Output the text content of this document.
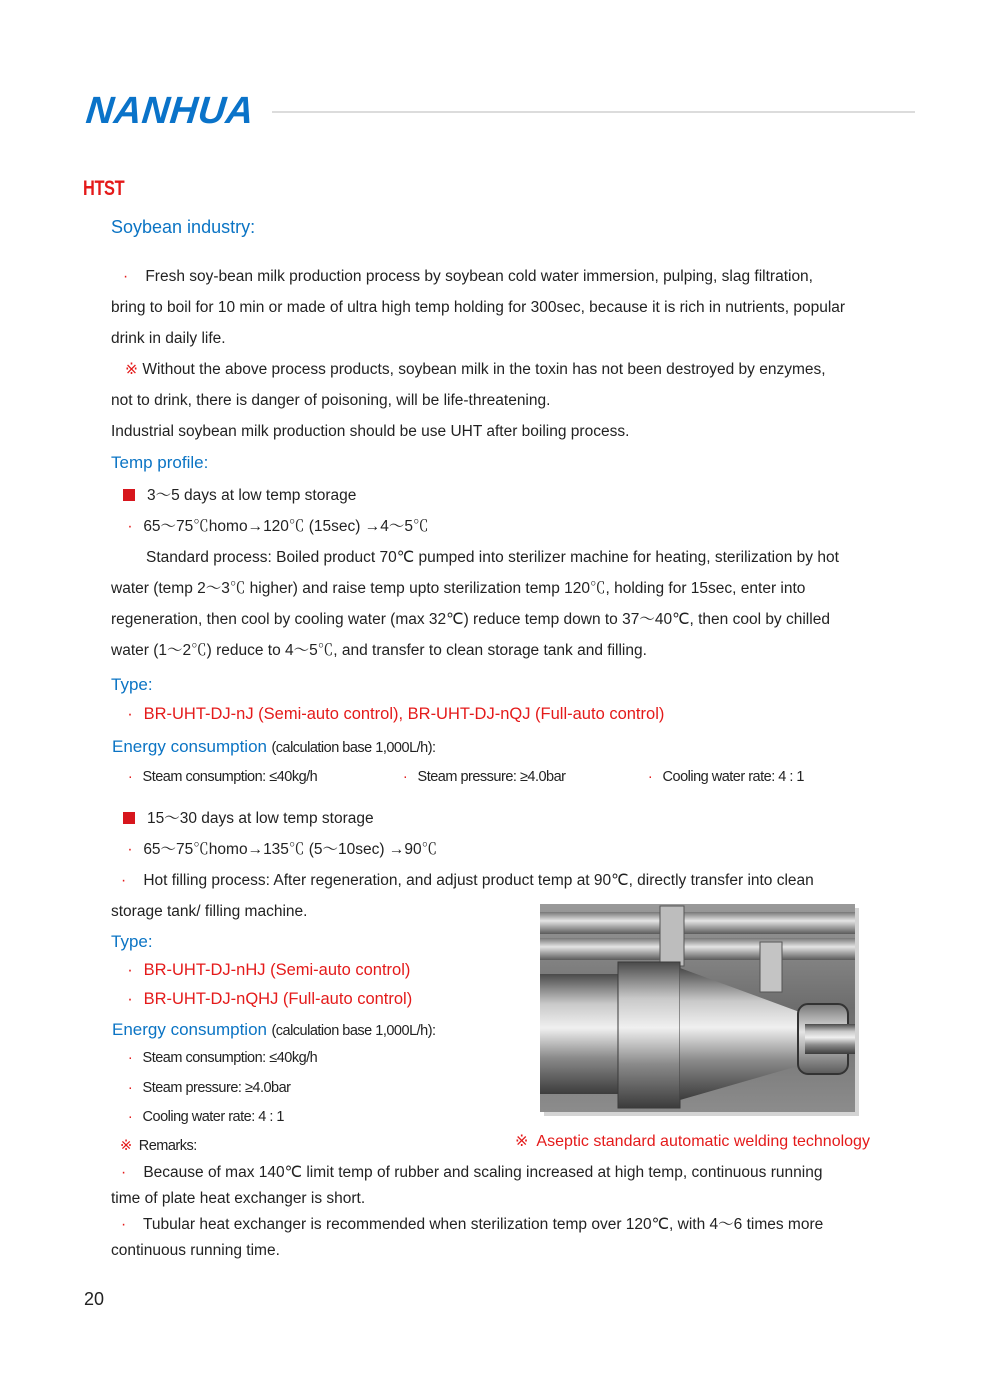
NANHUA
HTST
Soybean industry:
· Fresh soy-bean milk production process by soybean cold water immersion, pulping, slag filtration,
bring to boil for 10 min or made of ultra high temp holding for 300sec, because it is rich in nutrients, popular
drink in daily life.
※ Without the above process products, soybean milk in the toxin has not been destroyed by enzymes,
not to drink, there is danger of poisoning, will be life-threatening.
Industrial soybean milk production should be use UHT after boiling process.
Temp profile:
3～5 days at low temp storage
· 65～75℃homo→120℃ (15sec) →4～5℃
Standard process: Boiled product 70℃ pumped into sterilizer machine for heating, sterilization by hot
water (temp 2～3℃ higher) and raise temp upto sterilization temp 120℃, holding for 15sec, enter into
regeneration, then cool by cooling water (max 32℃) reduce temp down to 37～40℃, then cool by chilled
water (1～2℃) reduce to 4～5℃, and transfer to clean storage tank and filling.
Type:
· BR-UHT-DJ-nJ (Semi-auto control), BR-UHT-DJ-nQJ (Full-auto control)
Energy consumption (calculation base 1,000L/h):
· Steam consumption: ≤40kg/h	· Steam pressure: ≥4.0bar	· Cooling water rate: 4 : 1
15～30 days at low temp storage
· 65～75℃homo→135℃ (5～10sec) →90℃
· Hot filling process: After regeneration, and adjust product temp at 90℃, directly transfer into clean
storage tank/ filling machine.
Type:
· BR-UHT-DJ-nHJ (Semi-auto control)
· BR-UHT-DJ-nQHJ (Full-auto control)
Energy consumption (calculation base 1,000L/h):
· Steam consumption: ≤40kg/h
· Steam pressure: ≥4.0bar
· Cooling water rate: 4 : 1
※ Remarks:
· Because of max 140℃ limit temp of rubber and scaling increased at high temp, continuous running
time of plate heat exchanger is short.
· Tubular heat exchanger is recommended when sterilization temp over 120℃, with 4～6 times more
continuous running time.
※ Aseptic standard automatic welding technology
20
